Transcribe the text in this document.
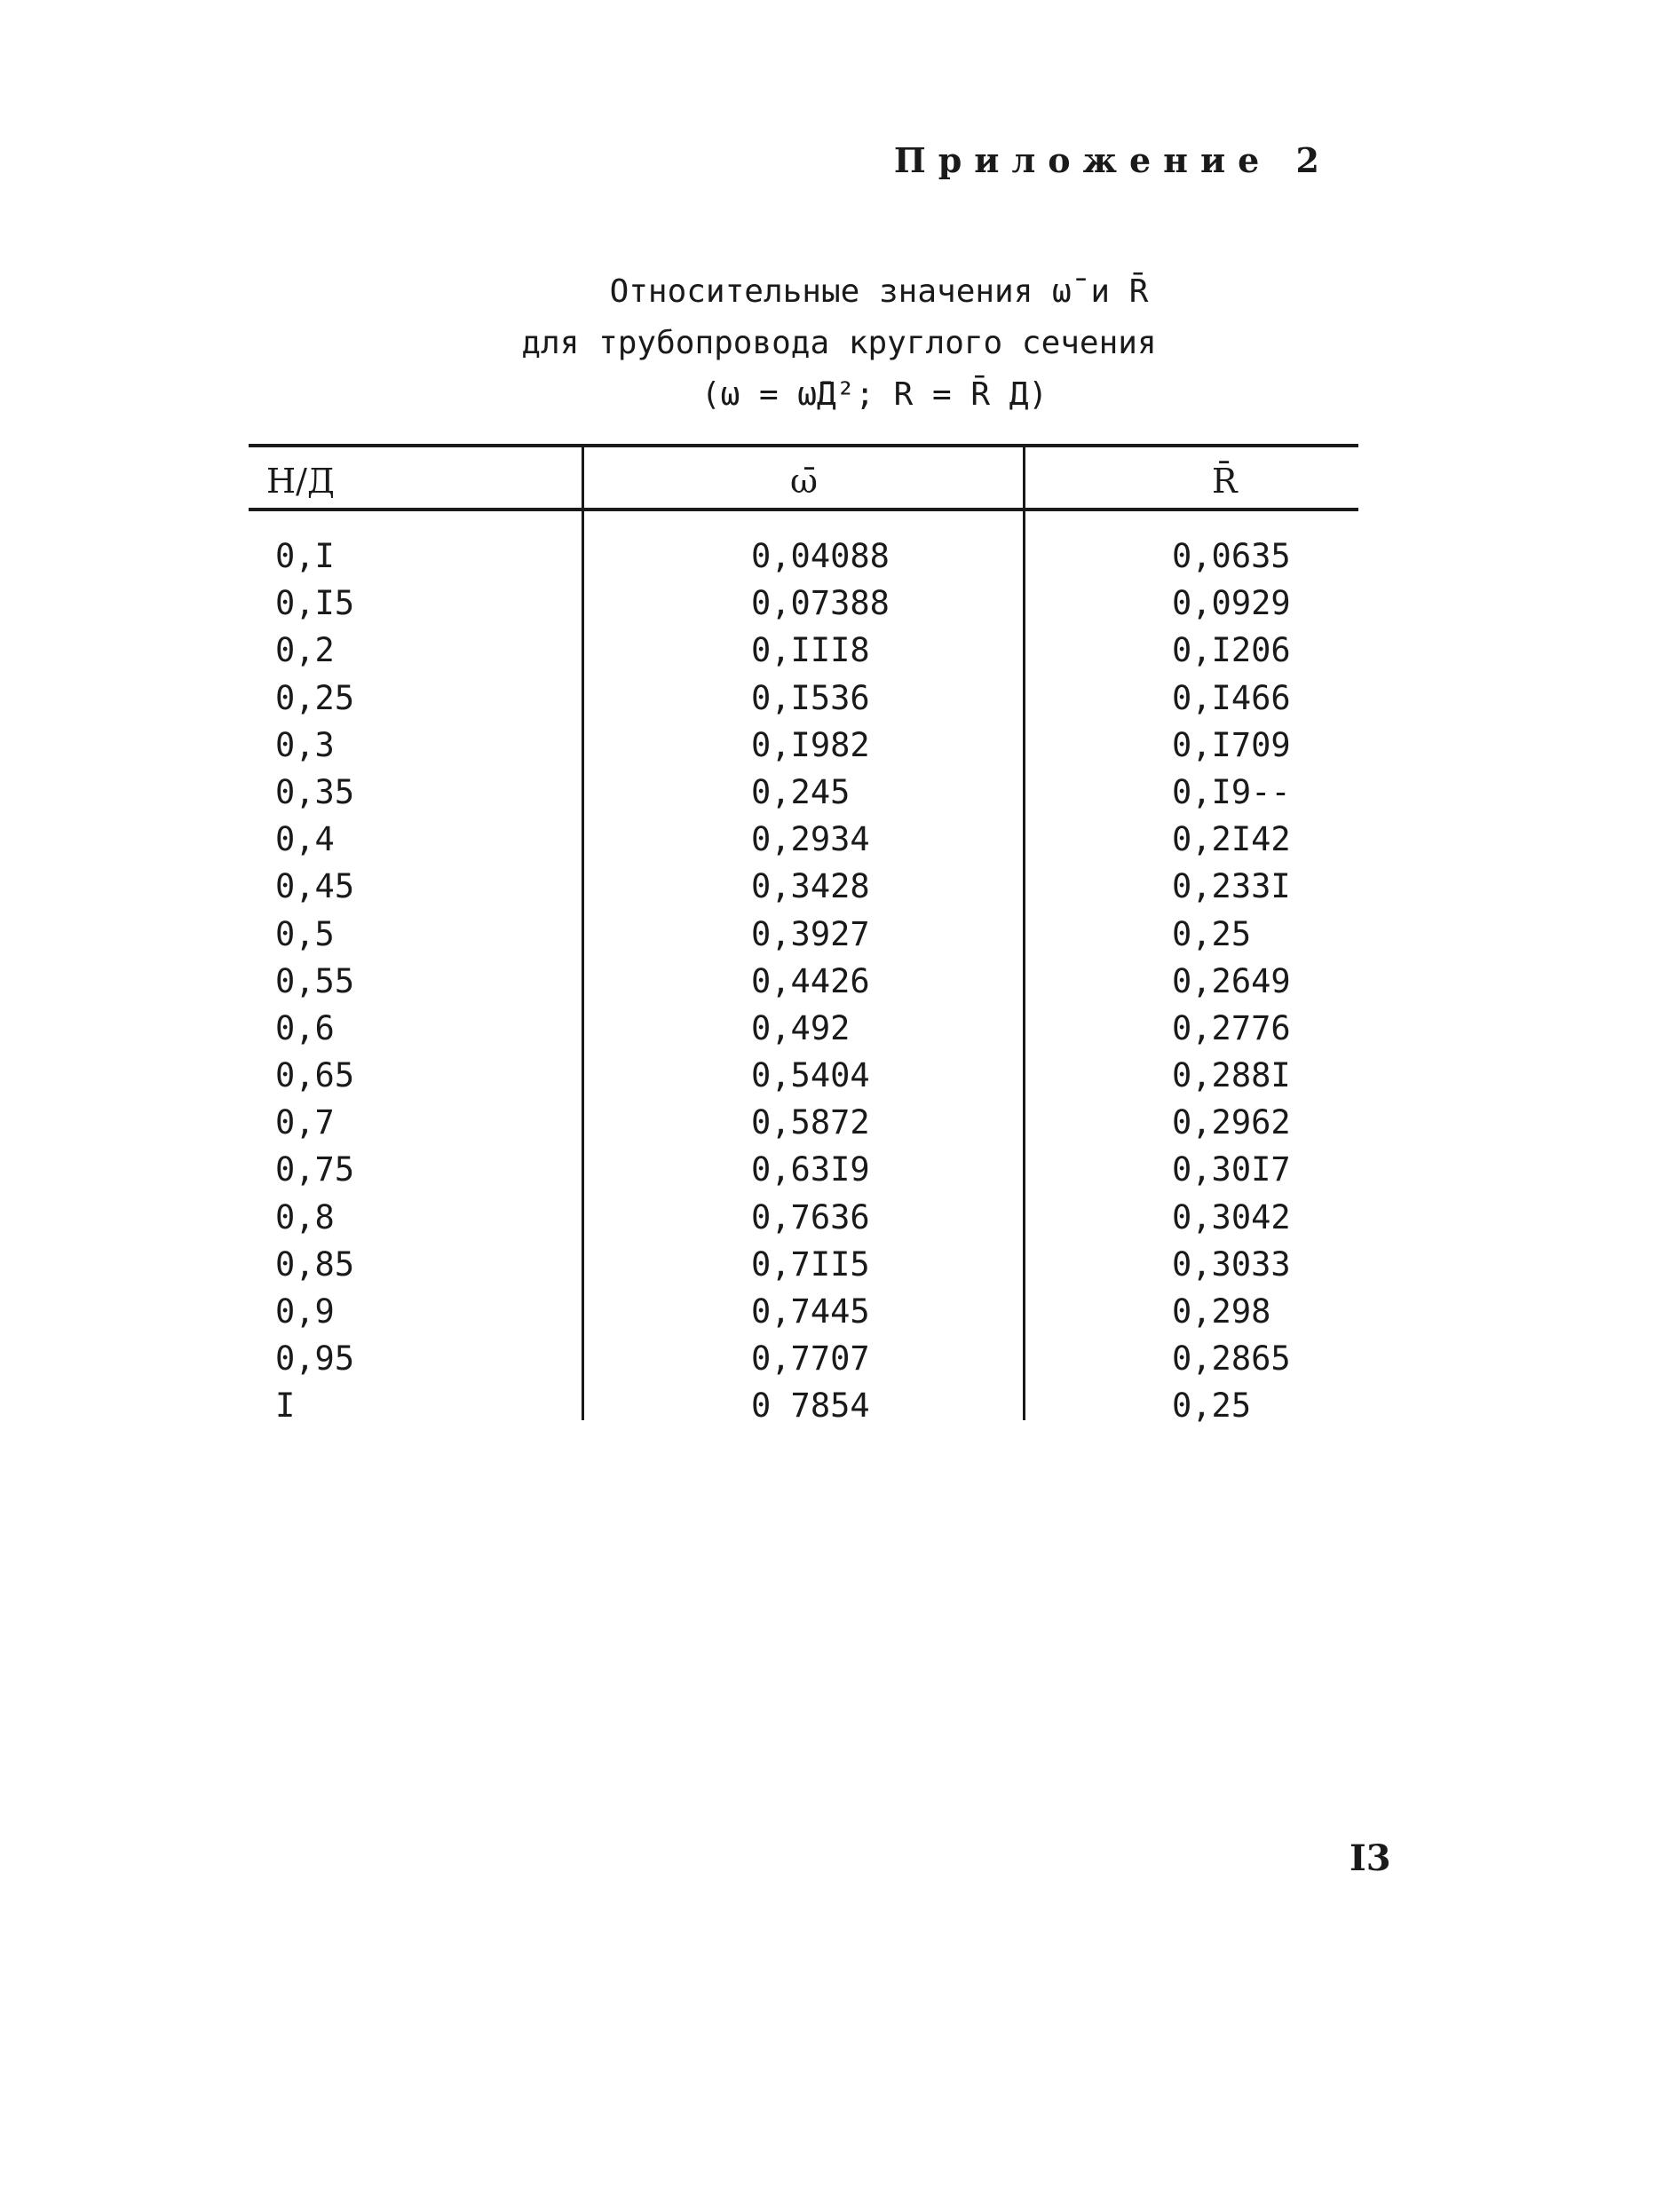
Приложение 2
Относительные значения ω̄ и R̄
для трубопровода круглого сечения
(ω = ω̄Д²; R = R̄ Д)
Н/Д	ω̄	R̄
0,I	0,04088	0,0635
0,I5	0,07388	0,0929
0,2	0,III8	0,I206
0,25	0,I536	0,I466
0,3	0,I982	0,I709
0,35	0,245	0,I9--
0,4	0,2934	0,2I42
0,45	0,3428	0,233I
0,5	0,3927	0,25
0,55	0,4426	0,2649
0,6	0,492	0,2776
0,65	0,5404	0,288I
0,7	0,5872	0,2962
0,75	0,63I9	0,30I7
0,8	0,7636	0,3042
0,85	0,7II5	0,3033
0,9	0,7445	0,298
0,95	0,7707	0,2865
I	0 7854	0,25
I3
